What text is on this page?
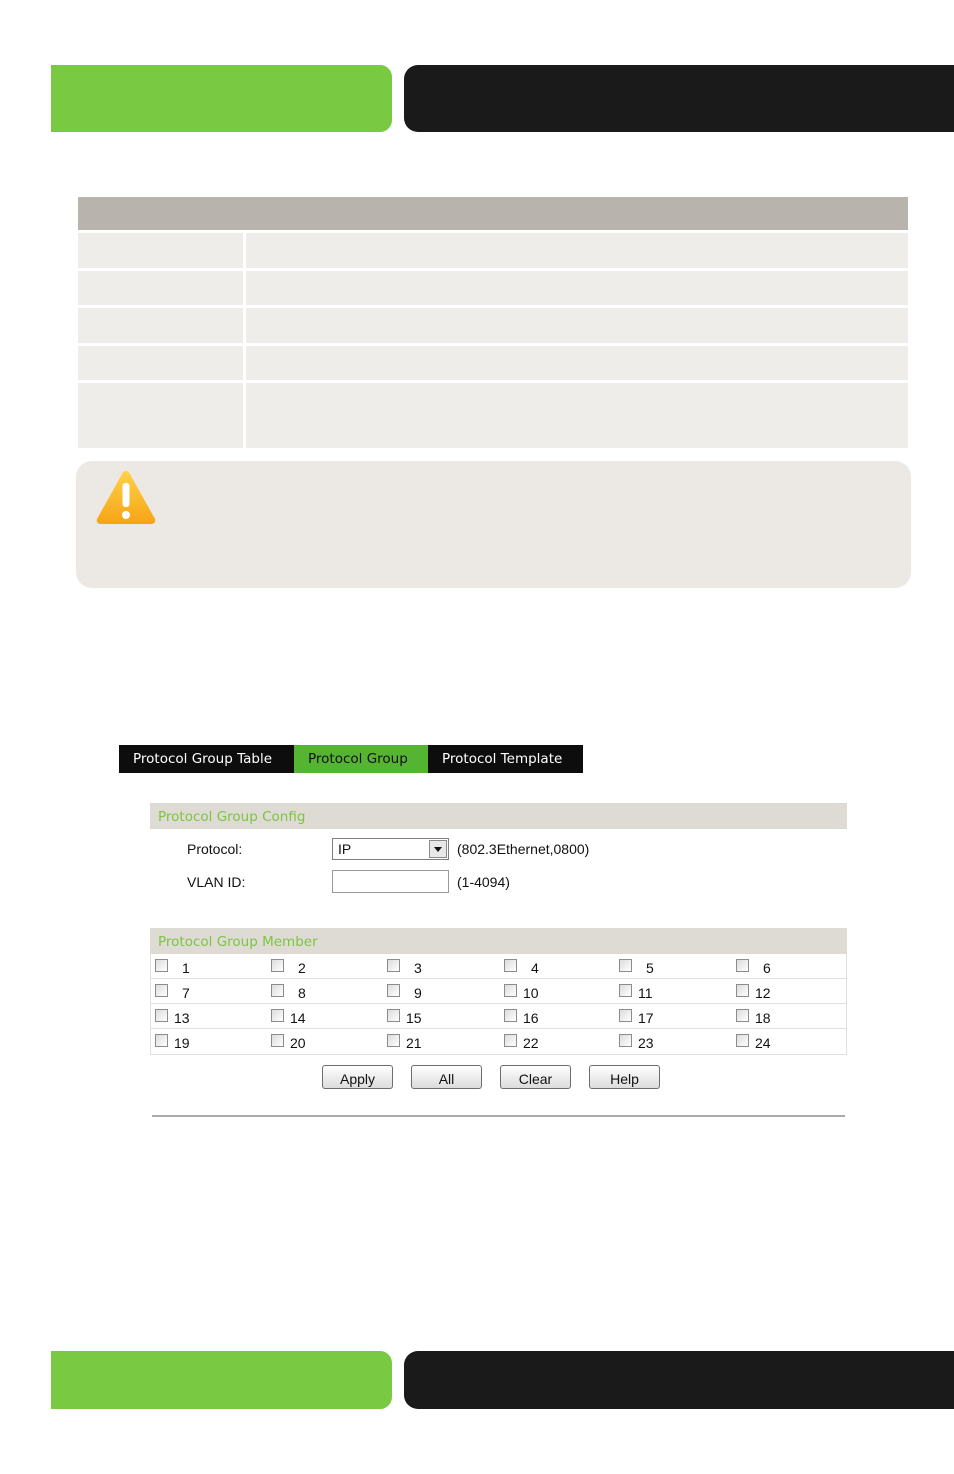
Protocol Group Table	Protocol Group	Protocol Template
Protocol Group Config
Protocol:	IP	(802.3Ethernet,0800)
VLAN ID:	(1-4094)
Protocol Group Member
1	2	3	4	5	6
7	8	9	10	11	12
13	14	15	16	17	18
19	20	21	22	23	24
Apply	All	Clear	Help
